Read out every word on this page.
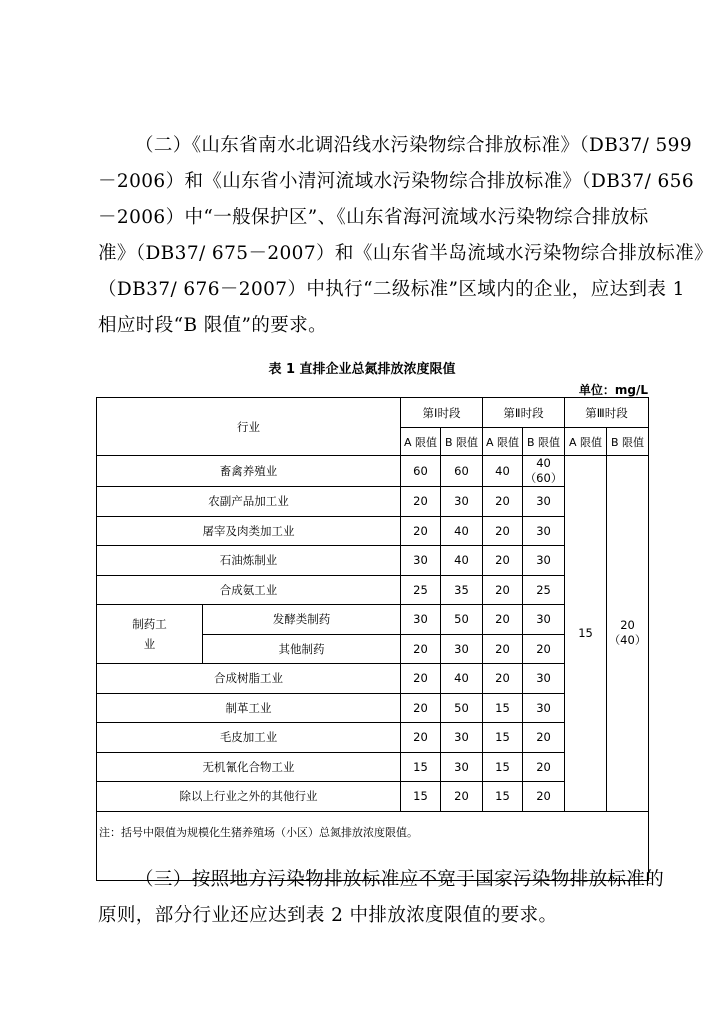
（二）《山东省南水北调沿线水污染物综合排放标准》（DB37/ 599
－2006）和《山东省小清河流域水污染物综合排放标准》（DB37/ 656
－2006）中“一般保护区”、《山东省海河流域水污染物综合排放标
准》（DB37/ 675－2007）和《山东省半岛流域水污染物综合排放标准》
（DB37/ 676－2007）中执行“二级标准”区域内的企业，应达到表 1
相应时段“B 限值”的要求。
表 1 直排企业总氮排放浓度限值
单位：mg/L
行业		第Ⅰ时段		第Ⅱ时段		第Ⅲ时段	
		A 限值	B 限值	A 限值	B 限值	A 限值	B 限值
畜禽养殖业		60	60	40	40（60）	15	20（40）
农副产品加工业		20	30	20	30		
屠宰及肉类加工业		20	40	20	30		
石油炼制业		30	40	20	30		
合成氨工业		25	35	20	25		
制药工业	发酵类制药	30	50	20	30		
	其他制药	20	30	20	20		
合成树脂工业		20	40	20	30		
制革工业		20	50	15	30		
毛皮加工业		20	30	15	20		
无机氰化合物工业		15	30	15	20		
除以上行业之外的其他行业		15	20	15	20		
注：括号中限值为规模化生猪养殖场（小区）总氮排放浓度限值。							
（三）按照地方污染物排放标准应不宽于国家污染物排放标准的
原则，部分行业还应达到表 2 中排放浓度限值的要求。
